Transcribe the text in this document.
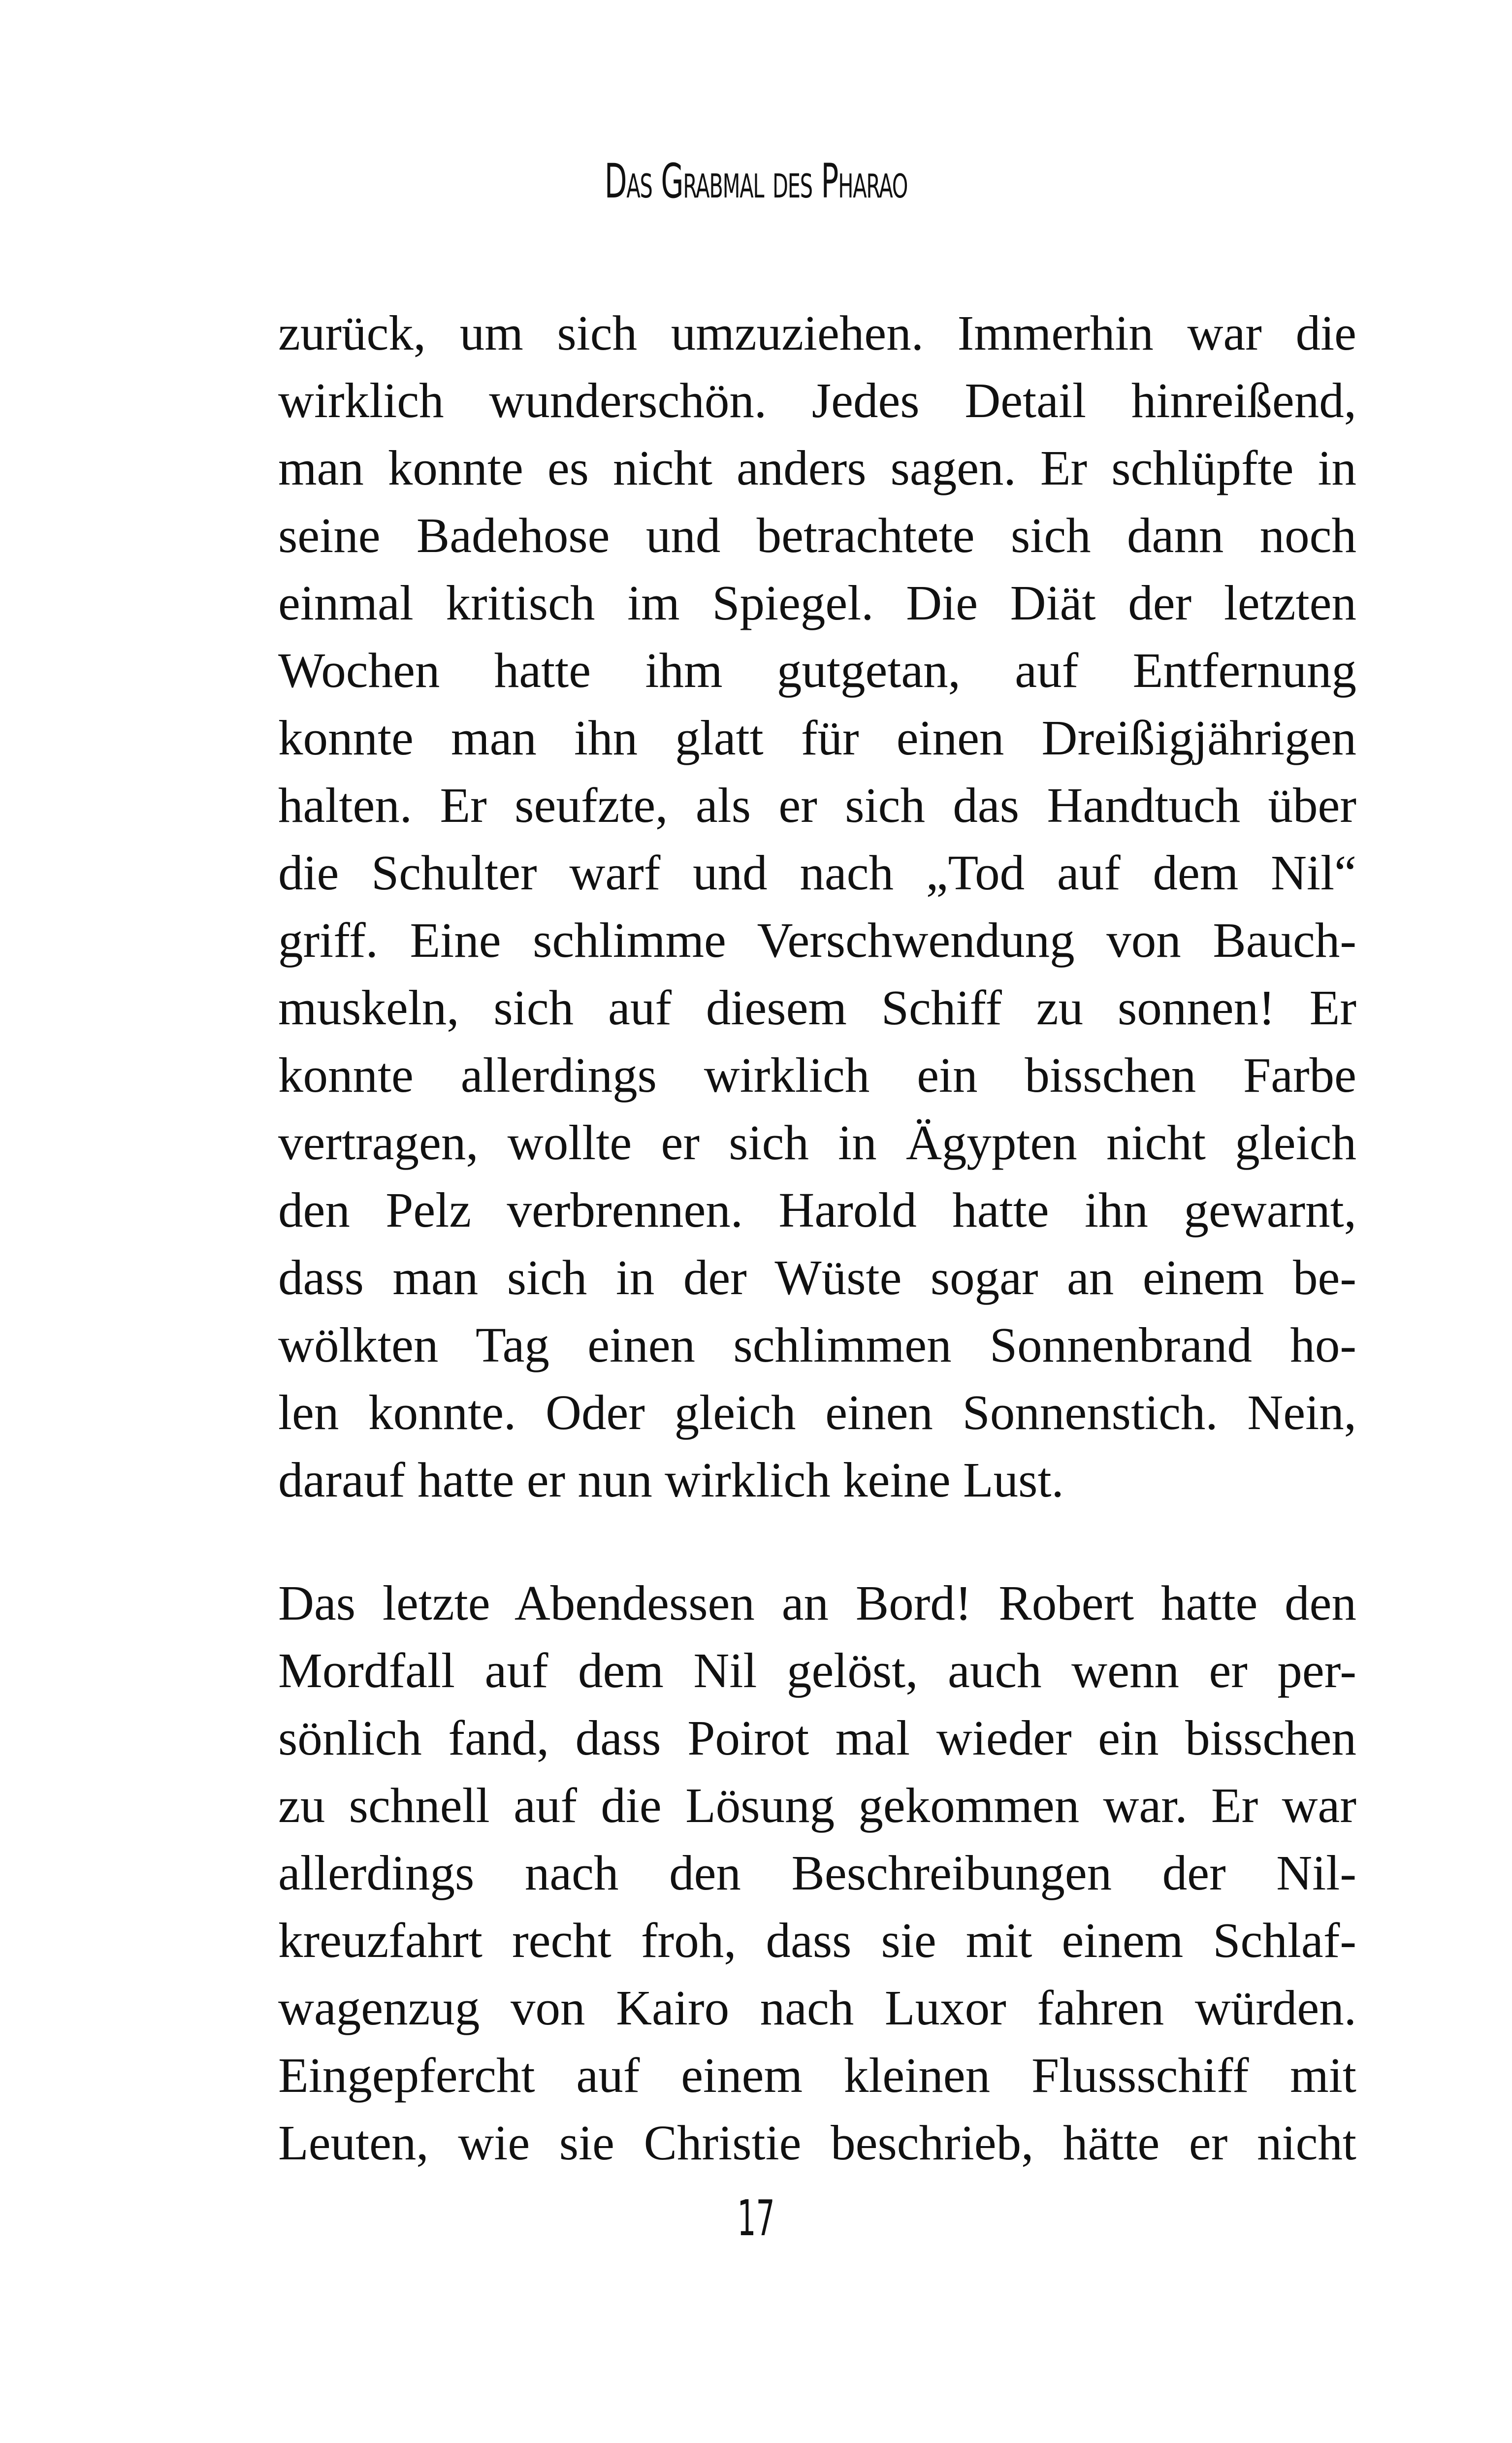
Das Grabmal des Pharao
zurück, um sich umzuziehen. Immerhin war die
wirklich wunderschön. Jedes Detail hinreißend,
man konnte es nicht anders sagen. Er schlüpfte in
seine Badehose und betrachtete sich dann noch
einmal kritisch im Spiegel. Die Diät der letzten
Wochen hatte ihm gutgetan, auf Entfernung
konnte man ihn glatt für einen Dreißigjährigen
halten. Er seufzte, als er sich das Handtuch über
die Schulter warf und nach „Tod auf dem Nil“
griff. Eine schlimme Verschwendung von Bauch-
muskeln, sich auf diesem Schiff zu sonnen! Er
konnte allerdings wirklich ein bisschen Farbe
vertragen, wollte er sich in Ägypten nicht gleich
den Pelz verbrennen. Harold hatte ihn gewarnt,
dass man sich in der Wüste sogar an einem be-
wölkten Tag einen schlimmen Sonnenbrand ho-
len konnte. Oder gleich einen Sonnenstich. Nein,
darauf hatte er nun wirklich keine Lust.
Das letzte Abendessen an Bord! Robert hatte den
Mordfall auf dem Nil gelöst, auch wenn er per-
sönlich fand, dass Poirot mal wieder ein bisschen
zu schnell auf die Lösung gekommen war. Er war
allerdings nach den Beschreibungen der Nil-
kreuzfahrt recht froh, dass sie mit einem Schlaf-
wagenzug von Kairo nach Luxor fahren würden.
Eingepfercht auf einem kleinen Flussschiff mit
Leuten, wie sie Christie beschrieb, hätte er nicht
17
